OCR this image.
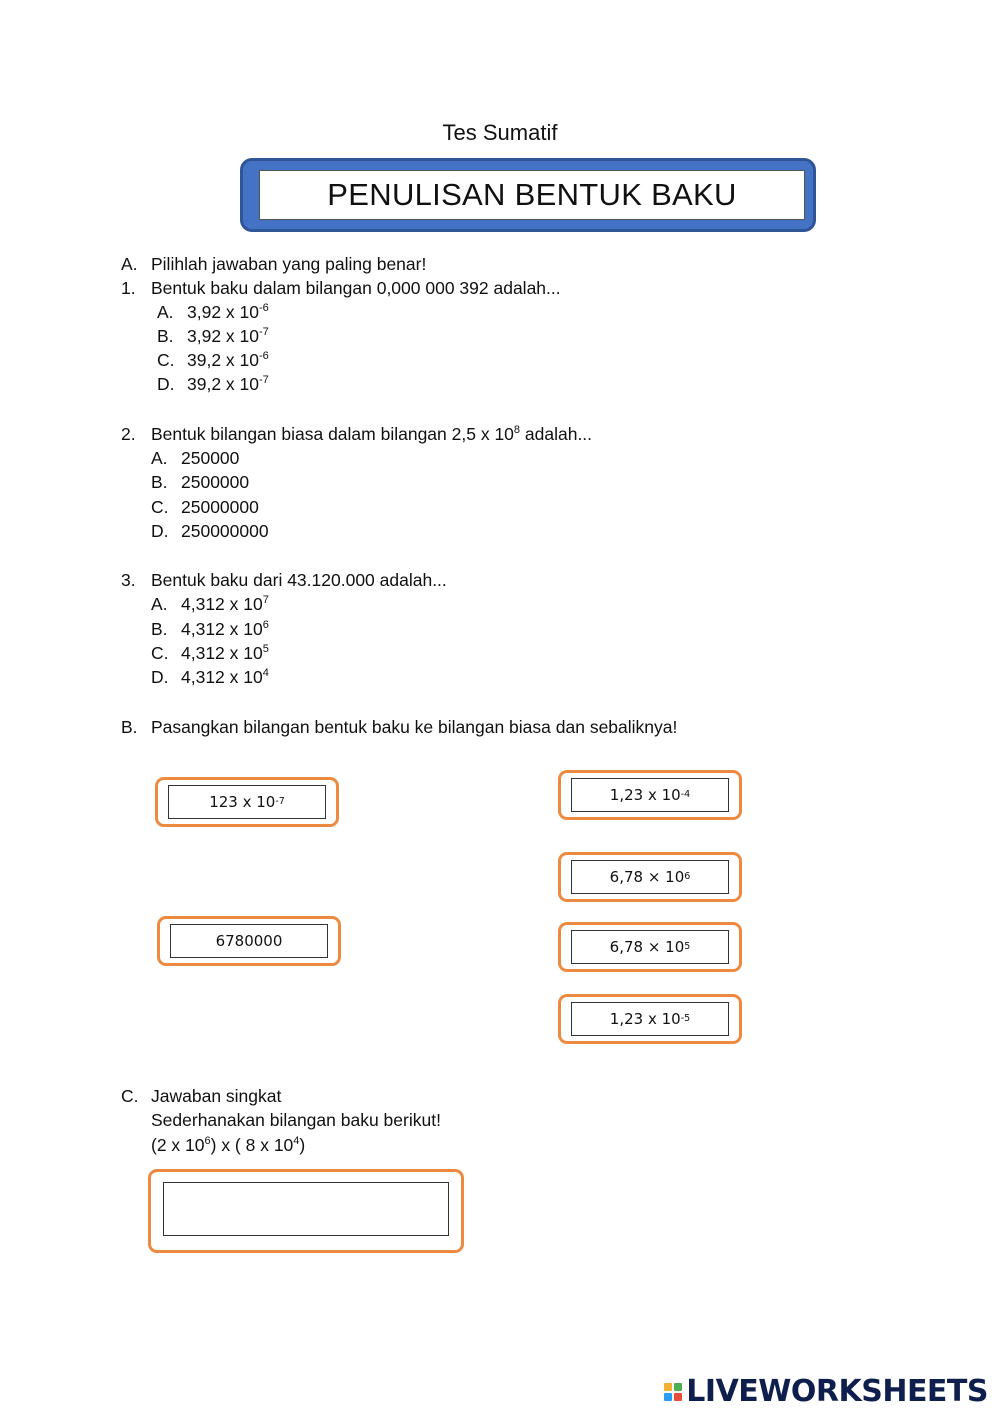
Tes Sumatif
PENULISAN BENTUK BAKU
A. Pilihlah jawaban yang paling benar!
1. Bentuk baku dalam bilangan 0,000 000 392 adalah...
A. 3,92 x $10^{-6}$
B. 3,92 x $10^{-7}$
C. 39,2 x $10^{-6}$
D. 39,2 x $10^{-7}$
2. Bentuk bilangan biasa dalam bilangan 2,5 x $10^8$ adalah...
A. 250000
B. 2500000
C. 25000000
D. 250000000
3. Bentuk baku dari 43.120.000 adalah...
A. 4,312 x $10^7$
B. 4,312 x $10^6$
C. 4,312 x $10^5$
D. 4,312 x $10^4$
B. Pasangkan bilangan bentuk baku ke bilangan biasa dan sebaliknya!
123 x 10 -7
6780000
1,23 x 10 -4
6,78 × 10 6
6,78 × 10 5
1,23 x 10 -5
C. Jawaban singkat
Sederhanakan bilangan baku berikut!
(2 x $10^6$) x ( 8 x $10^4$)
LIVEWORKSHEETS
